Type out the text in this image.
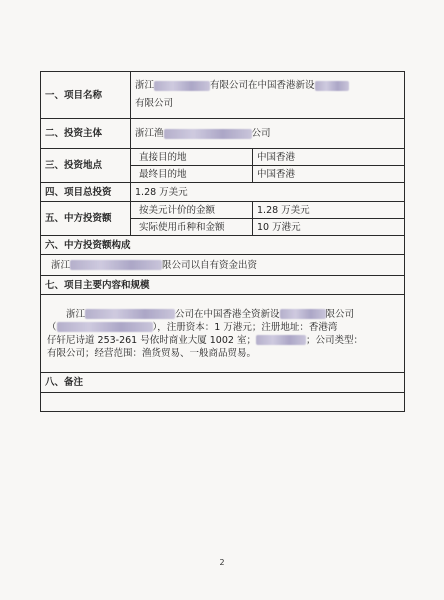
一、项目名称	浙江 有限公司在中国香港新设
有限公司	
二、投资主体	浙江渔 公司	
三、投资地点	直接目的地	中国香港
	最终目的地	中国香港
四、项目总投资	1.28 万美元	
五、中方投资额	按美元计价的金额	1.28 万美元
	实际使用币种和金额	10 万港元
六、中方投资额构成		
浙江 限公司以自有资金出资		
七、项目主要内容和规模		
浙江 公司在中国香港全资新设 限公司
（ ），注册资本：1 万港元；注册地址：香港湾
仔轩尼诗道 253-261 号依时商业大厦 1002 室； ；公司类型：
有限公司；经营范围：渔货贸易、一般商品贸易。		
八、备注		

2
